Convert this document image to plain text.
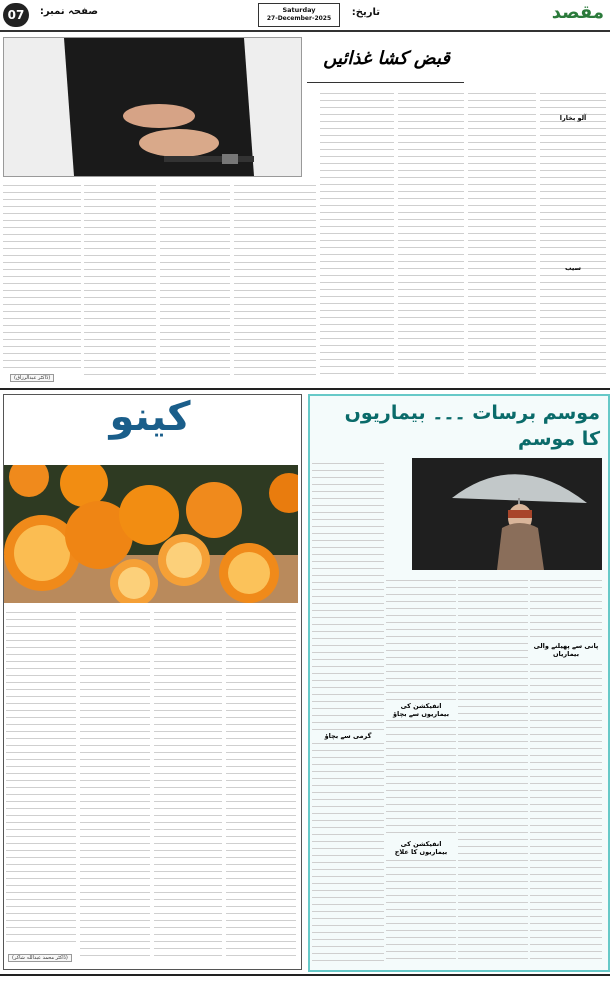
مقصد
Saturday
27-December-2025
تاریخ:
صفحہ نمبر:
07
قبض کشا غذائیں
آلو بخارا
سیب
(ڈاکٹر عبدالرزاق)
کینو
(ڈاکٹر محمد عبداللہ شاکر)
موسم برسات ۔۔۔ بیماریوں کا موسم
پانی سے پھیلنے والی بیماریاں
انفیکشن کی بیماریوں سے بچاؤ
انفیکشن کی بیماریوں کا علاج
گرمی سے بچاؤ
